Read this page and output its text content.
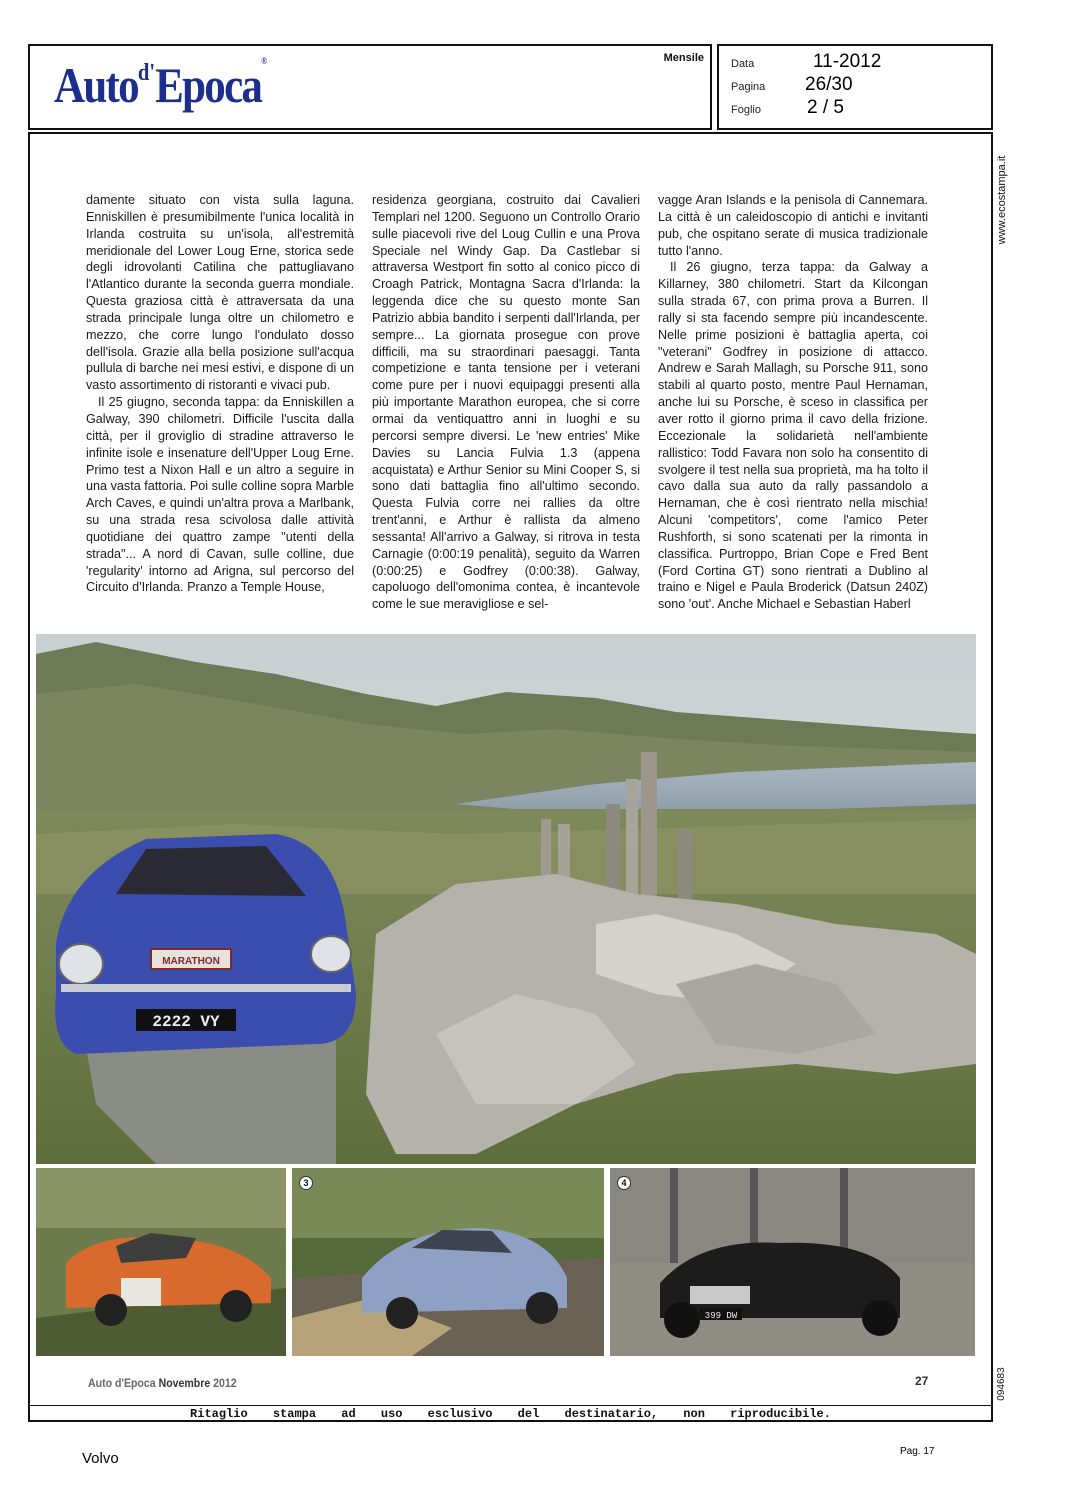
Auto$^{d'}$Epoca®	Mensile Data	11-2012
Pagina 26/30
Foglio 2 / 5

damente situato con vista sulla laguna. Enniskillen è presumibilmente l'unica località in Irlanda costruita su un'isola, all'estremità meridionale del Lower Loug Erne, storica sede degli idrovolanti Catilina che pattugliavano l'Atlantico durante la seconda guerra mondiale. Questa graziosa città è attraversata da una strada principale lunga oltre un chilometro e mezzo, che corre lungo l'ondulato dosso dell'isola. Grazie alla bella posizione sull'acqua pullula di barche nei mesi estivi, e dispone di un vasto assortimento di ristoranti e vivaci pub.

Il 25 giugno, seconda tappa: da Enniskillen a Galway, 390 chilometri. Difficile l'uscita dalla città, per il groviglio di stradine attraverso le infinite isole e insenature dell'Upper Loug Erne. Primo test a Nixon Hall e un altro a seguire in una vasta fattoria. Poi sulle colline sopra Marble Arch Caves, e quindi un'altra prova a Marlbank, su una strada resa scivolosa dalle attività quotidiane dei quattro zampe "utenti della strada"... A nord di Cavan, sulle colline, due 'regularity' intorno ad Arigna, sul percorso del Circuito d'Irlanda. Pranzo a Temple House,

residenza georgiana, costruito dai Cavalieri Templari nel 1200. Seguono un Controllo Orario sulle piacevoli rive del Loug Cullin e una Prova Speciale nel Windy Gap. Da Castlebar si attraversa Westport fin sotto al conico picco di Croagh Patrick, Montagna Sacra d'Irlanda: la leggenda dice che su questo monte San Patrizio abbia bandito i serpenti dall'Irlanda, per sempre... La giornata prosegue con prove difficili, ma su straordinari paesaggi. Tanta competizione e tanta tensione per i veterani come pure per i nuovi equipaggi presenti alla più importante Marathon europea, che si corre ormai da ventiquattro anni in luoghi e su percorsi sempre diversi. Le 'new entries' Mike Davies su Lancia Fulvia 1.3 (appena acquistata) e Arthur Senior su Mini Cooper S, si sono dati battaglia fino all'ultimo secondo. Questa Fulvia corre nei rallies da oltre trent'anni, e Arthur è rallista da almeno sessanta! All'arrivo a Galway, si ritrova in testa Carnagie (0:00:19 penalità), seguito da Warren (0:00:25) e Godfrey (0:00:38). Galway, capoluogo dell'omonima contea, è incantevole come le sue meravigliose e sel-

vagge Aran Islands e la penisola di Cannemara. La città è un caleidoscopio di antichi e invitanti pub, che ospitano serate di musica tradizionale tutto l'anno.

Il 26 giugno, terza tappa: da Galway a Killarney, 380 chilometri. Start da Kilcongan sulla strada 67, con prima prova a Burren. Il rally si sta facendo sempre più incandescente. Nelle prime posizioni è battaglia aperta, coi "veterani" Godfrey in posizione di attacco. Andrew e Sarah Mallagh, su Porsche 911, sono stabili al quarto posto, mentre Paul Hernaman, anche lui su Porsche, è sceso in classifica per aver rotto il giorno prima il cavo della frizione. Eccezionale la solidarietà nell'ambiente rallistico: Todd Favara non solo ha consentito di svolgere il test nella sua proprietà, ma ha tolto il cavo dalla sua auto da rally passandolo a Hernaman, che è così rientrato nella mischia! Alcuni 'competitors', come l'amico Peter Rushforth, si sono scatenati per la rimonta in classifica. Purtroppo, Brian Cope e Fred Bent (Ford Cortina GT) sono rientrati a Dublino al traino e Nigel e Paula Broderick (Datsun 240Z) sono 'out'. Anche Michael e Sebastian Haberl

MARATHON
2222 VY
3
399 DW
4
Auto d'Epoca Novembre 2012	27
Ritaglio stampa ad uso esclusivo del destinatario, non riproducibile.
www.ecostampa.it
094683
Volvo	Pag. 17
